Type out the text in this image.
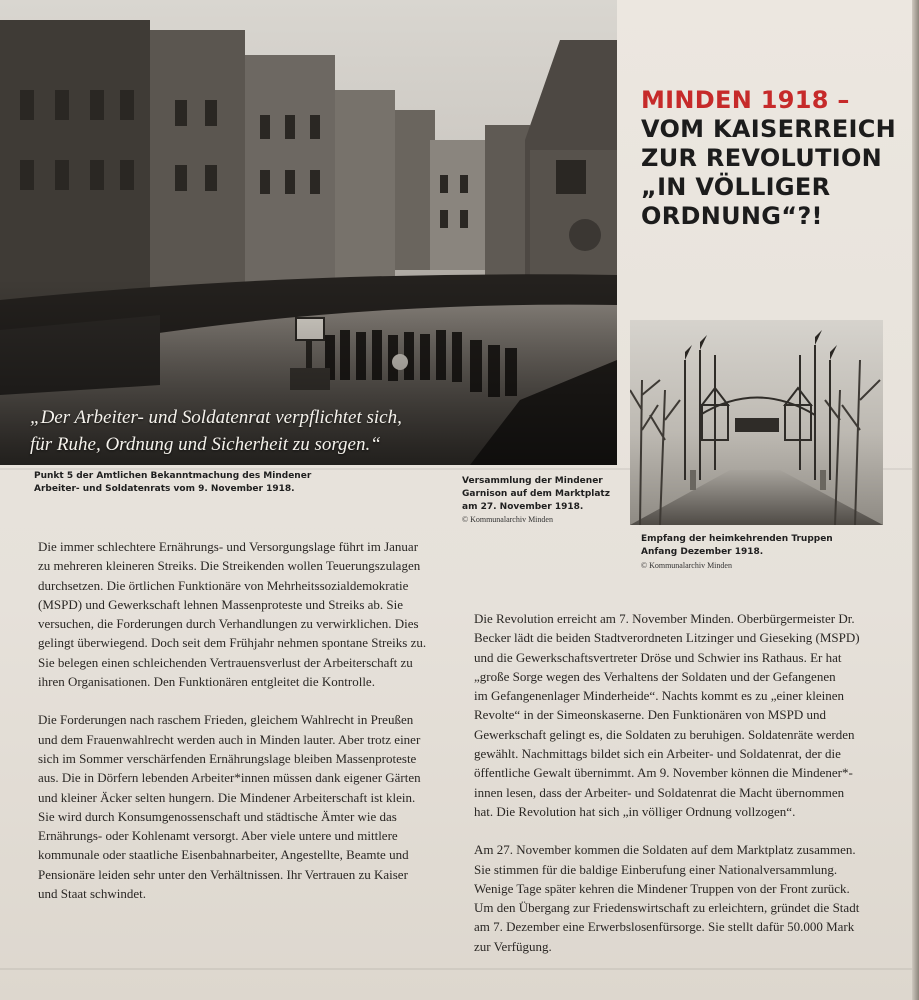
„Der Arbeiter- und Soldatenrat verpflichtet sich,
für Ruhe, Ordnung und Sicherheit zu sorgen.“
MINDEN 1918 –
VOM KAISERREICH
ZUR REVOLUTION
„IN VÖLLIGER
ORDNUNG“?!
Punkt 5 der Amtlichen Bekanntmachung des Mindener
Arbeiter- und Soldatenrats vom 9. November 1918.
Versammlung der Mindener
Garnison auf dem Marktplatz
am 27. November 1918.
© Kommunalarchiv Minden
Empfang der heimkehrenden Truppen
Anfang Dezember 1918.
© Kommunalarchiv Minden

Die immer schlechtere Ernährungs- und Versorgungslage führt im Januar
zu mehreren kleineren Streiks. Die Streikenden wollen Teuerungszulagen
durchsetzen. Die örtlichen Funktionäre von Mehrheitssozialdemokratie
(MSPD) und Gewerkschaft lehnen Massenproteste und Streiks ab. Sie
versuchen, die Forderungen durch Verhandlungen zu verwirklichen. Dies
gelingt überwiegend. Doch seit dem Frühjahr nehmen spontane Streiks zu.
Sie belegen einen schleichenden Vertrauensverlust der Arbeiterschaft zu
ihren Organisationen. Den Funktionären entgleitet die Kontrolle.

Die Forderungen nach raschem Frieden, gleichem Wahlrecht in Preußen
und dem Frauenwahlrecht werden auch in Minden lauter. Aber trotz einer
sich im Sommer verschärfenden Ernährungslage bleiben Massenproteste
aus. Die in Dörfern lebenden Arbeiter*innen müssen dank eigener Gärten
und kleiner Äcker selten hungern. Die Mindener Arbeiterschaft ist klein.
Sie wird durch Konsumgenossenschaft und städtische Ämter wie das
Ernährungs- oder Kohlenamt versorgt. Aber viele untere und mittlere
kommunale oder staatliche Eisenbahnarbeiter, Angestellte, Beamte und
Pensionäre leiden sehr unter den Verhältnissen. Ihr Vertrauen zu Kaiser
und Staat schwindet.

Die Revolution erreicht am 7. November Minden. Oberbürgermeister Dr.
Becker lädt die beiden Stadtverordneten Litzinger und Gieseking (MSPD)
und die Gewerkschaftsvertreter Dröse und Schwier ins Rathaus. Er hat
„große Sorge wegen des Verhaltens der Soldaten und der Gefangenen
im Gefangenenlager Minderheide“. Nachts kommt es zu „einer kleinen
Revolte“ in der Simeonskaserne. Den Funktionären von MSPD und
Gewerkschaft gelingt es, die Soldaten zu beruhigen. Soldatenräte werden
gewählt. Nachmittags bildet sich ein Arbeiter- und Soldatenrat, der die
öffentliche Gewalt übernimmt. Am 9. November können die Mindener*-
innen lesen, dass der Arbeiter- und Soldatenrat die Macht übernommen
hat. Die Revolution hat sich „in völliger Ordnung vollzogen“.

Am 27. November kommen die Soldaten auf dem Marktplatz zusammen.
Sie stimmen für die baldige Einberufung einer Nationalversammlung.
Wenige Tage später kehren die Mindener Truppen von der Front zurück.
Um den Übergang zur Friedenswirtschaft zu erleichtern, gründet die Stadt
am 7. Dezember eine Erwerbslosenfürsorge. Sie stellt dafür 50.000 Mark
zur Verfügung.
